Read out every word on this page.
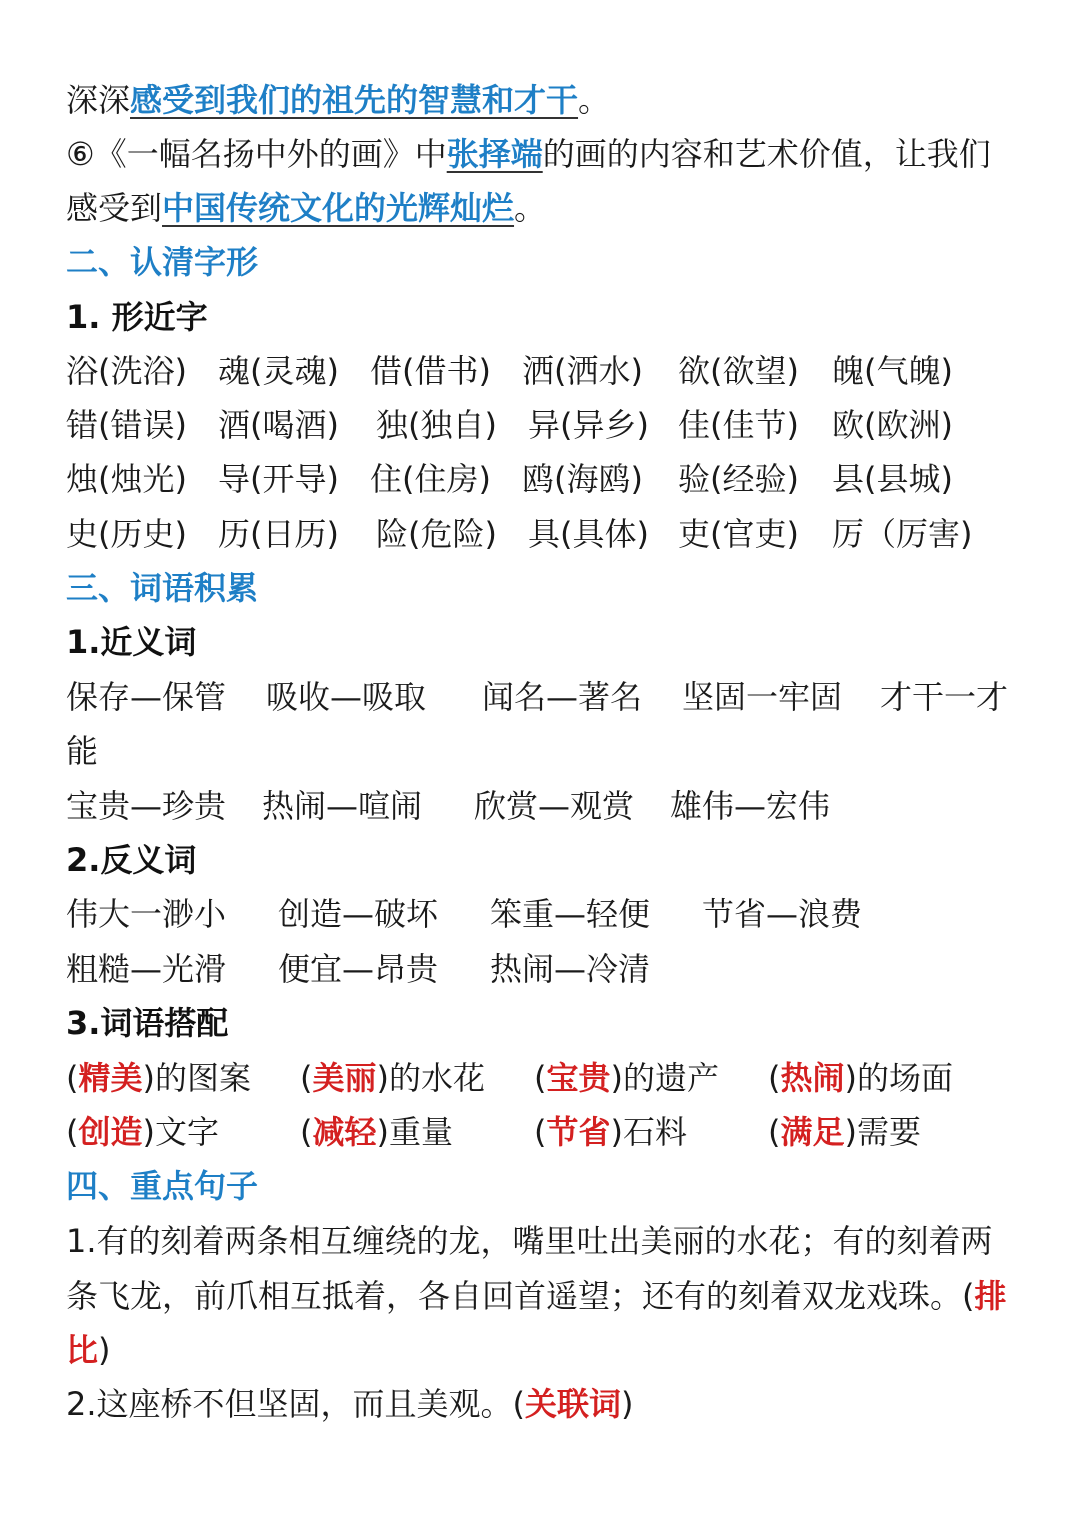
深深感受到我们的祖先的智慧和才干。
⑥《一幅名扬中外的画》中张择端的画的内容和艺术价值，让我们
感受到中国传统文化的光辉灿烂。
二、认清字形
1. 形近字
浴(洗浴) 魂(灵魂) 借(借书) 洒(洒水) 欲(欲望) 魄(气魄)
错(错误) 酒(喝酒) 独(独自) 异(异乡) 佳(佳节) 欧(欧洲)
烛(烛光) 导(开导) 住(住房) 鸥(海鸥) 验(经验) 县(县城)
史(历史) 历(日历) 险(危险) 具(具体) 吏(官吏) 厉（厉害)
三、词语积累
1.近义词
保存—保管 吸收—吸取 闻名—著名 坚固一牢固 才干一才
能
宝贵—珍贵 热闹—喧闹 欣赏—观赏 雄伟—宏伟
2.反义词
伟大一渺小 创造—破坏 笨重—轻便 节省—浪费
粗糙—光滑 便宜—昂贵 热闹—冷清
3.词语搭配
(精美)的图案 (美丽)的水花 (宝贵)的遗产 (热闹)的场面
(创造)文字	(减轻)重量	(节省)石料	(满足)需要
四、重点句子
1.有的刻着两条相互缠绕的龙，嘴里吐出美丽的水花；有的刻着两
条飞龙，前爪相互抵着，各自回首遥望；还有的刻着双龙戏珠。(排
比)
2.这座桥不但坚固，而且美观。(关联词)
